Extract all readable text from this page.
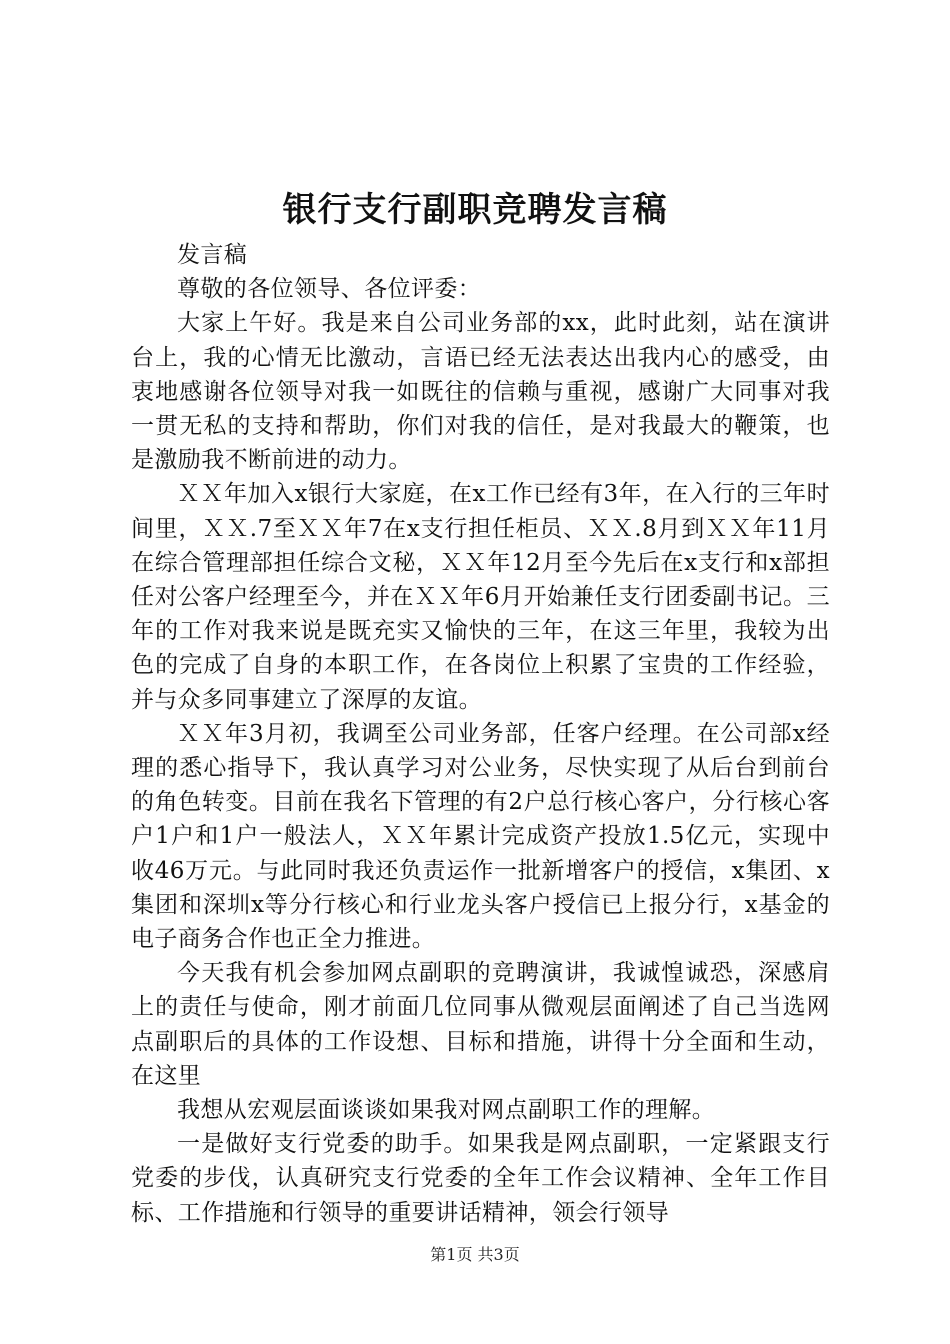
银行支行副职竞聘发言稿

发言稿

尊敬的各位领导、各位评委：

大家上午好。我是来自公司业务部的xx，此时此刻，站在演讲台上，我的心情无比激动，言语已经无法表达出我内心的感受，由衷地感谢各位领导对我一如既往的信赖与重视，感谢广大同事对我一贯无私的支持和帮助，你们对我的信任，是对我最大的鞭策，也是激励我不断前进的动力。

ＸＸ年加入x银行大家庭，在x工作已经有3年，在入行的三年时间里，ＸＸ.7至ＸＸ年7在x支行担任柜员、ＸＸ.8月到ＸＸ年11月在综合管理部担任综合文秘，ＸＸ年12月至今先后在x支行和x部担任对公客户经理至今，并在ＸＸ年6月开始兼任支行团委副书记。三年的工作对我来说是既充实又愉快的三年，在这三年里，我较为出色的完成了自身的本职工作，在各岗位上积累了宝贵的工作经验，并与众多同事建立了深厚的友谊。

ＸＸ年3月初，我调至公司业务部，任客户经理。在公司部x经理的悉心指导下，我认真学习对公业务，尽快实现了从后台到前台的角色转变。目前在我名下管理的有2户总行核心客户，分行核心客户1户和1户一般法人，ＸＸ年累计完成资产投放1.5亿元，实现中收46万元。与此同时我还负责运作一批新增客户的授信，x集团、x集团和深圳x等分行核心和行业龙头客户授信已上报分行，x基金的电子商务合作也正全力推进。

今天我有机会参加网点副职的竞聘演讲，我诚惶诚恐，深感肩上的责任与使命，刚才前面几位同事从微观层面阐述了自己当选网点副职后的具体的工作设想、目标和措施，讲得十分全面和生动，在这里

我想从宏观层面谈谈如果我对网点副职工作的理解。

一是做好支行党委的助手。如果我是网点副职，一定紧跟支行党委的步伐，认真研究支行党委的全年工作会议精神、全年工作目标、工作措施和行领导的重要讲话精神，领会行领导

第1页 共3页
